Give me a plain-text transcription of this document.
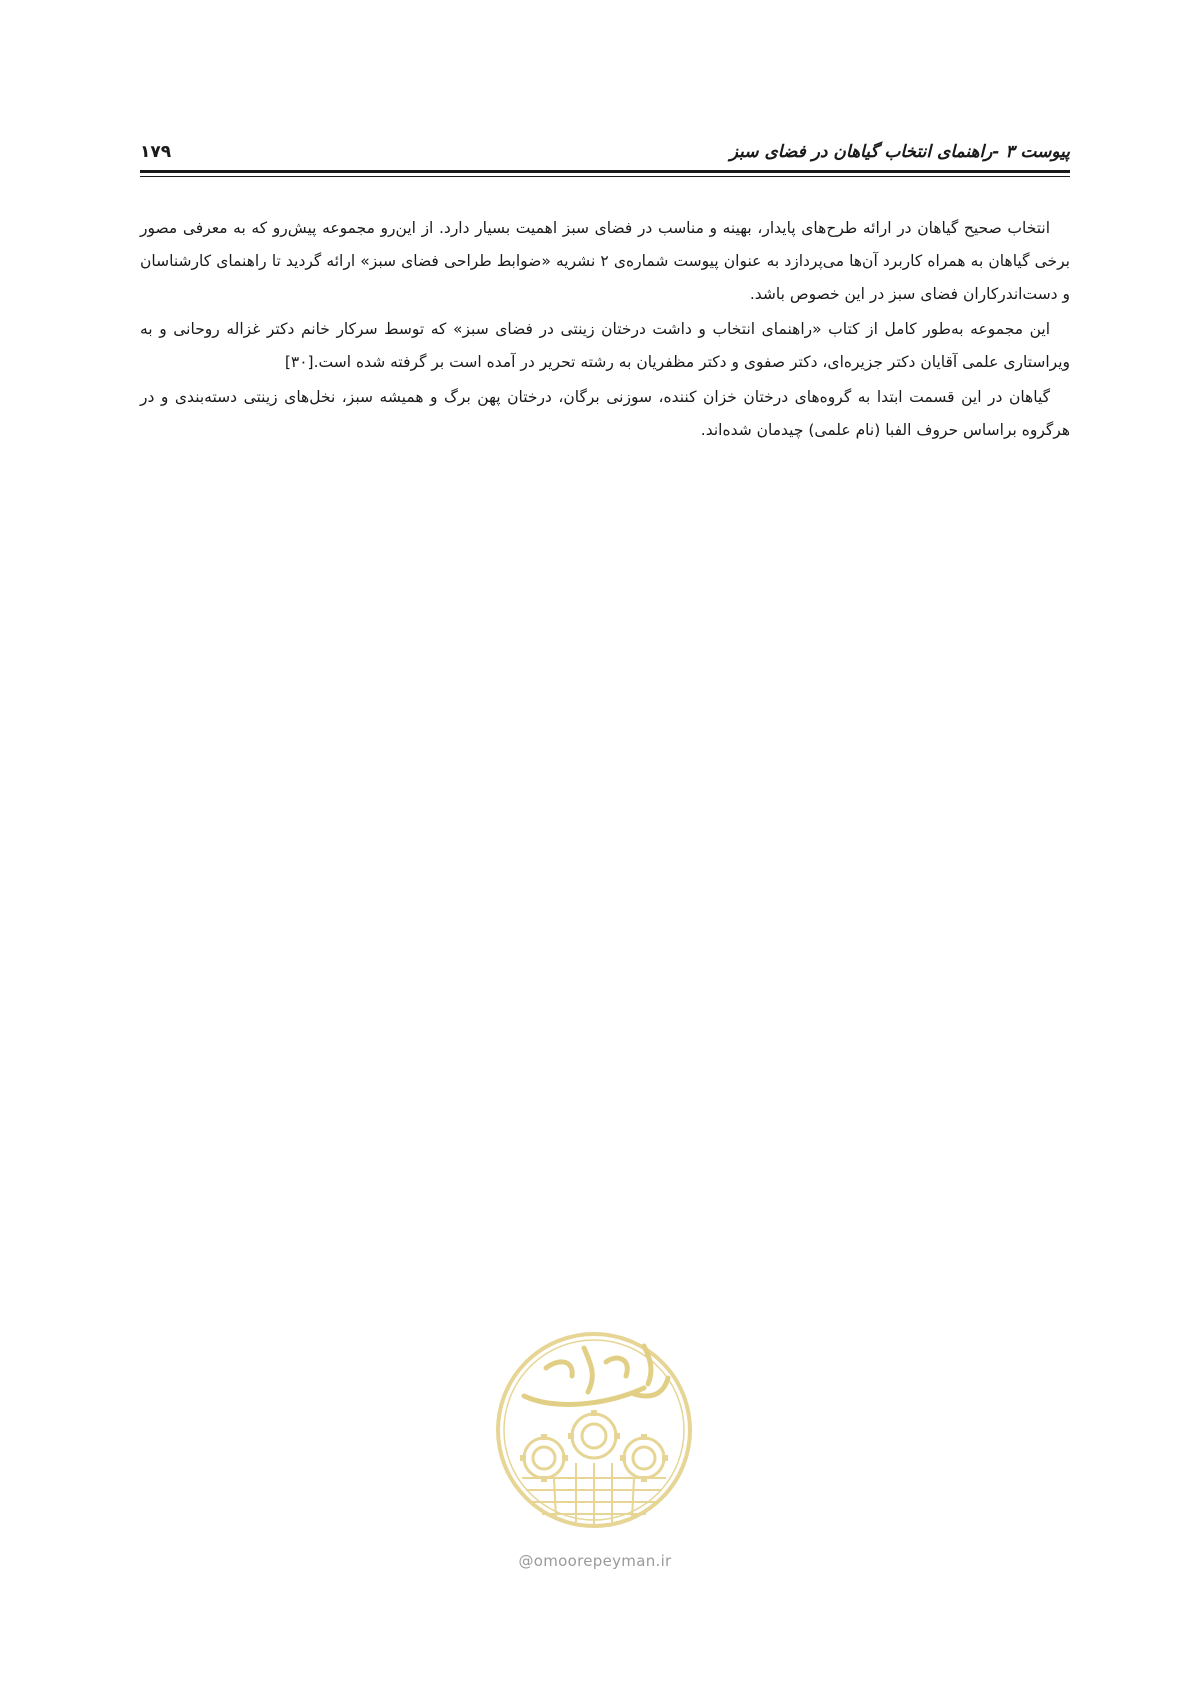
۱۷۹	پیوست ۳ -راهنمای انتخاب گیاهان در فضای سبز

انتخاب صحیح گیاهان در ارائه طرح‌های پایدار، بهینه و مناسب در فضای سبز اهمیت بسیار دارد. از این‌رو مجموعه پیش‌رو که به معرفی مصور برخی گیاهان به همراه کاربرد آن‌ها می‌پردازد به عنوان پیوست شماره‌ی ۲ نشریه «ضوابط طراحی فضای سبز» ارائه گردید تا راهنمای کارشناسان و دست‌اندرکاران فضای سبز در این خصوص باشد.

این مجموعه به‌طور کامل از کتاب «راهنمای انتخاب و داشت درختان زینتی در فضای سبز» که توسط سرکار خانم دکتر غزاله روحانی و به ویراستاری علمی آقایان دکتر جزیره‌ای، دکتر صفوی و دکتر مظفریان به رشته تحریر در آمده است بر گرفته شده است.[۳۰]

گیاهان در این قسمت ابتدا به گروه‌های درختان خزان کننده، سوزنی برگان، درختان پهن برگ و همیشه سبز، نخل‌های زینتی دسته‌بندی و در هرگروه براساس حروف الفبا (نام علمی) چیدمان شده‌اند.

@omoorepeyman.ir
